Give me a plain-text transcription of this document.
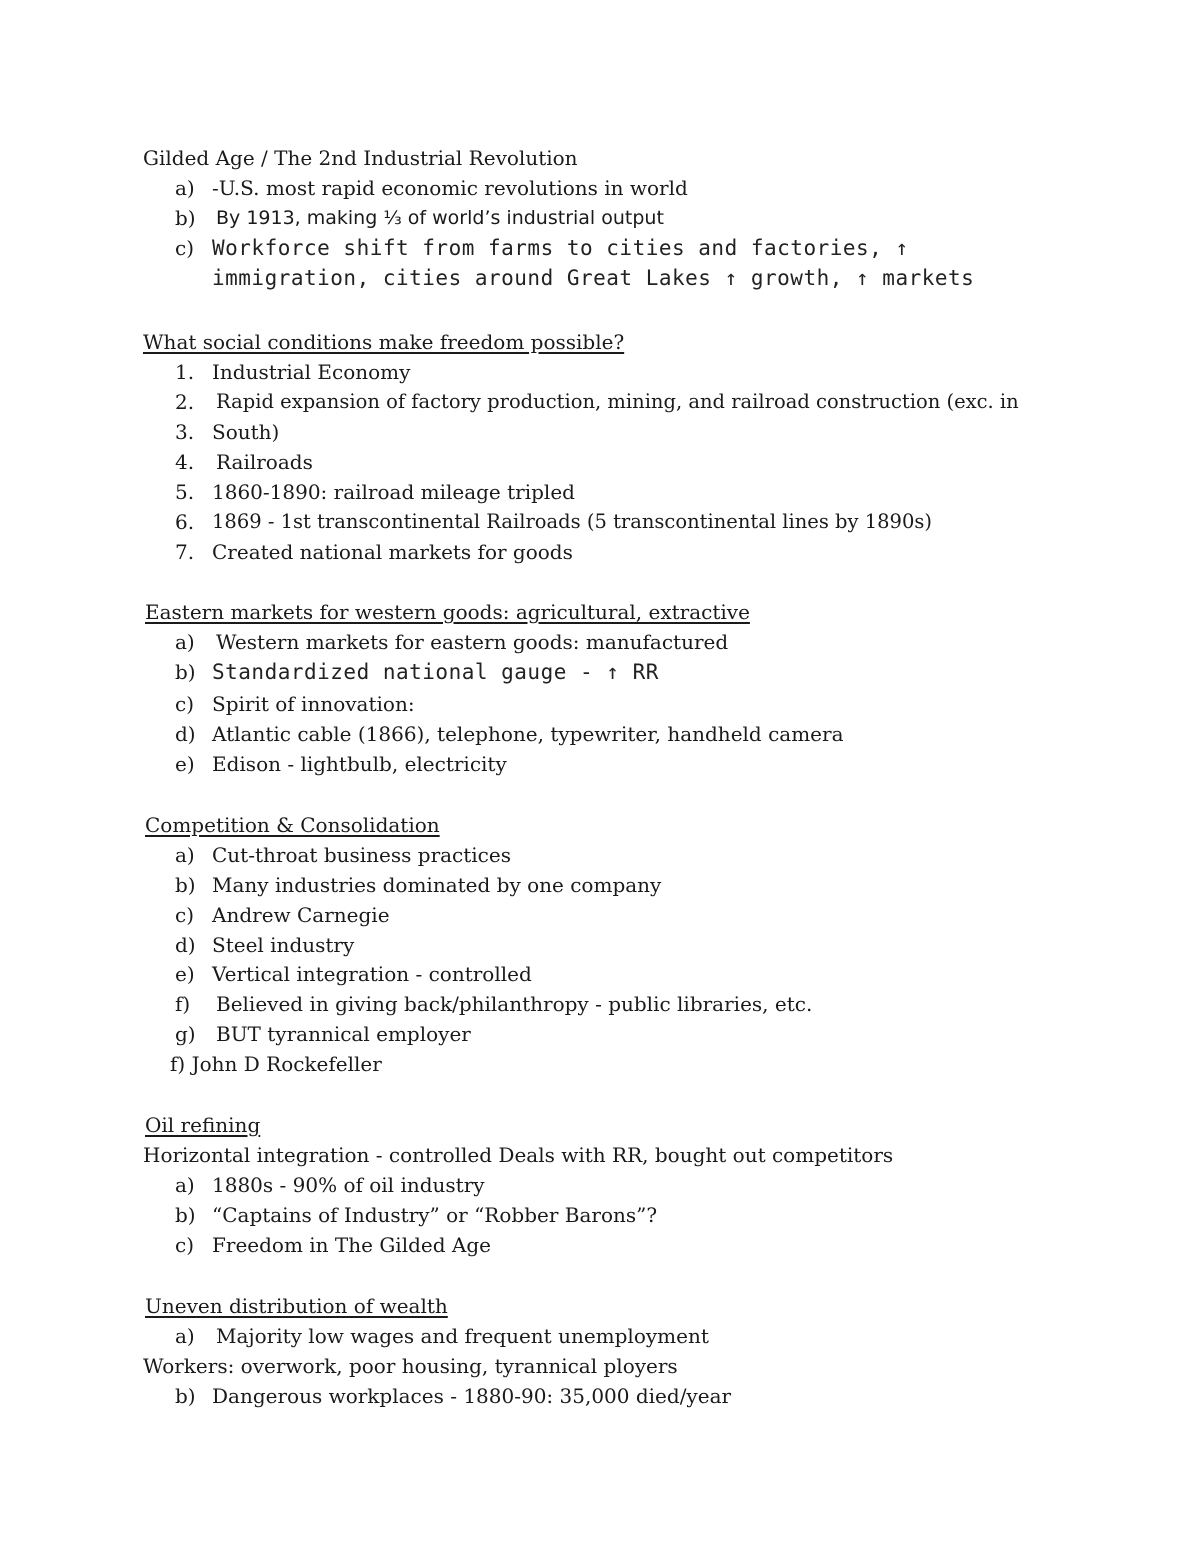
Gilded Age / The 2nd Industrial Revolution
a) -U.S. most rapid economic revolutions in world
b)	By 1913, making ⅓ of world’s industrial output
c) Workforce shift from farms to cities and factories, ↑
immigration, cities around Great Lakes ↑ growth, ↑ markets
What social conditions make freedom possible?
1. Industrial Economy
2.	Rapid expansion of factory production, mining, and railroad construction (exc. in
3. South)
4.	Railroads
5. 1860-1890: railroad mileage tripled
6. 1869 - 1st transcontinental Railroads (5 transcontinental lines by 1890s)
7. Created national markets for goods
Eastern markets for western goods: agricultural, extractive
a)	Western markets for eastern goods: manufactured
b) Standardized national gauge - ↑ RR
c) Spirit of innovation:
d) Atlantic cable (1866), telephone, typewriter, handheld camera
e) Edison - lightbulb, electricity
Competition & Consolidation
a) Cut-throat business practices
b) Many industries dominated by one company
c) Andrew Carnegie
d) Steel industry
e) Vertical integration - controlled
f)	Believed in giving back/philanthropy - public libraries, etc.
g)	BUT tyrannical employer
f) John D Rockefeller
Oil refining
Horizontal integration - controlled Deals with RR, bought out competitors
a) 1880s - 90% of oil industry
b) “Captains of Industry” or “Robber Barons”?
c) Freedom in The Gilded Age
Uneven distribution of wealth
a)	Majority low wages and frequent unemployment
Workers: overwork, poor housing, tyrannical ployers
b) Dangerous workplaces - 1880-90: 35,000 died/year
